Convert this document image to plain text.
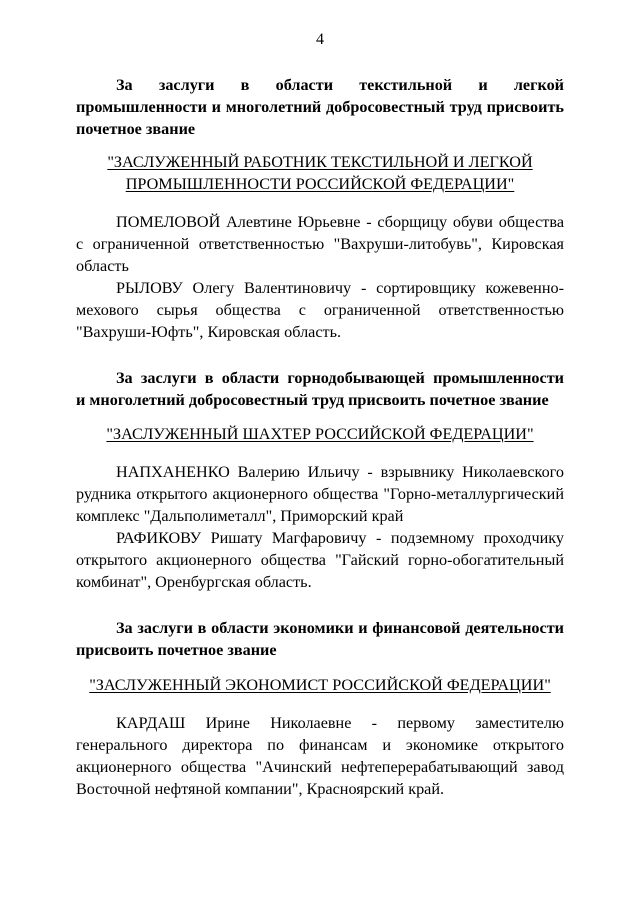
4
За заслуги в области текстильной и легкой
промышленности и многолетний добросовестный труд присвоить
почетное звание
"ЗАСЛУЖЕННЫЙ РАБОТНИК ТЕКСТИЛЬНОЙ И ЛЕГКОЙ
ПРОМЫШЛЕННОСТИ РОССИЙСКОЙ ФЕДЕРАЦИИ"

ПОМЕЛОВОЙ Алевтине Юрьевне - сборщицу обуви общества с ограниченной ответственностью "Вахруши-литобувь", Кировская область

РЫЛОВУ Олегу Валентиновичу - сортировщику кожевенно-мехового сырья общества с ограниченной ответственностью "Вахруши-Юфть", Кировская область.

За заслуги в области горнодобывающей промышленности
и многолетний добросовестный труд присвоить почетное звание
"ЗАСЛУЖЕННЫЙ ШАХТЕР РОССИЙСКОЙ ФЕДЕРАЦИИ"

НАПХАНЕНКО Валерию Ильичу - взрывнику Николаевского рудника открытого акционерного общества "Горно-металлургический комплекс "Дальполиметалл", Приморский край

РАФИКОВУ Ришату Магфаровичу - подземному проходчику открытого акционерного общества "Гайский горно-обогатительный комбинат", Оренбургская область.

За заслуги в области экономики и финансовой деятельности
присвоить почетное звание
"ЗАСЛУЖЕННЫЙ ЭКОНОМИСТ РОССИЙСКОЙ ФЕДЕРАЦИИ"

КАРДАШ Ирине Николаевне - первому заместителю генерального директора по финансам и экономике открытого акционерного общества "Ачинский нефтеперерабатывающий завод Восточной нефтяной компании", Красноярский край.
